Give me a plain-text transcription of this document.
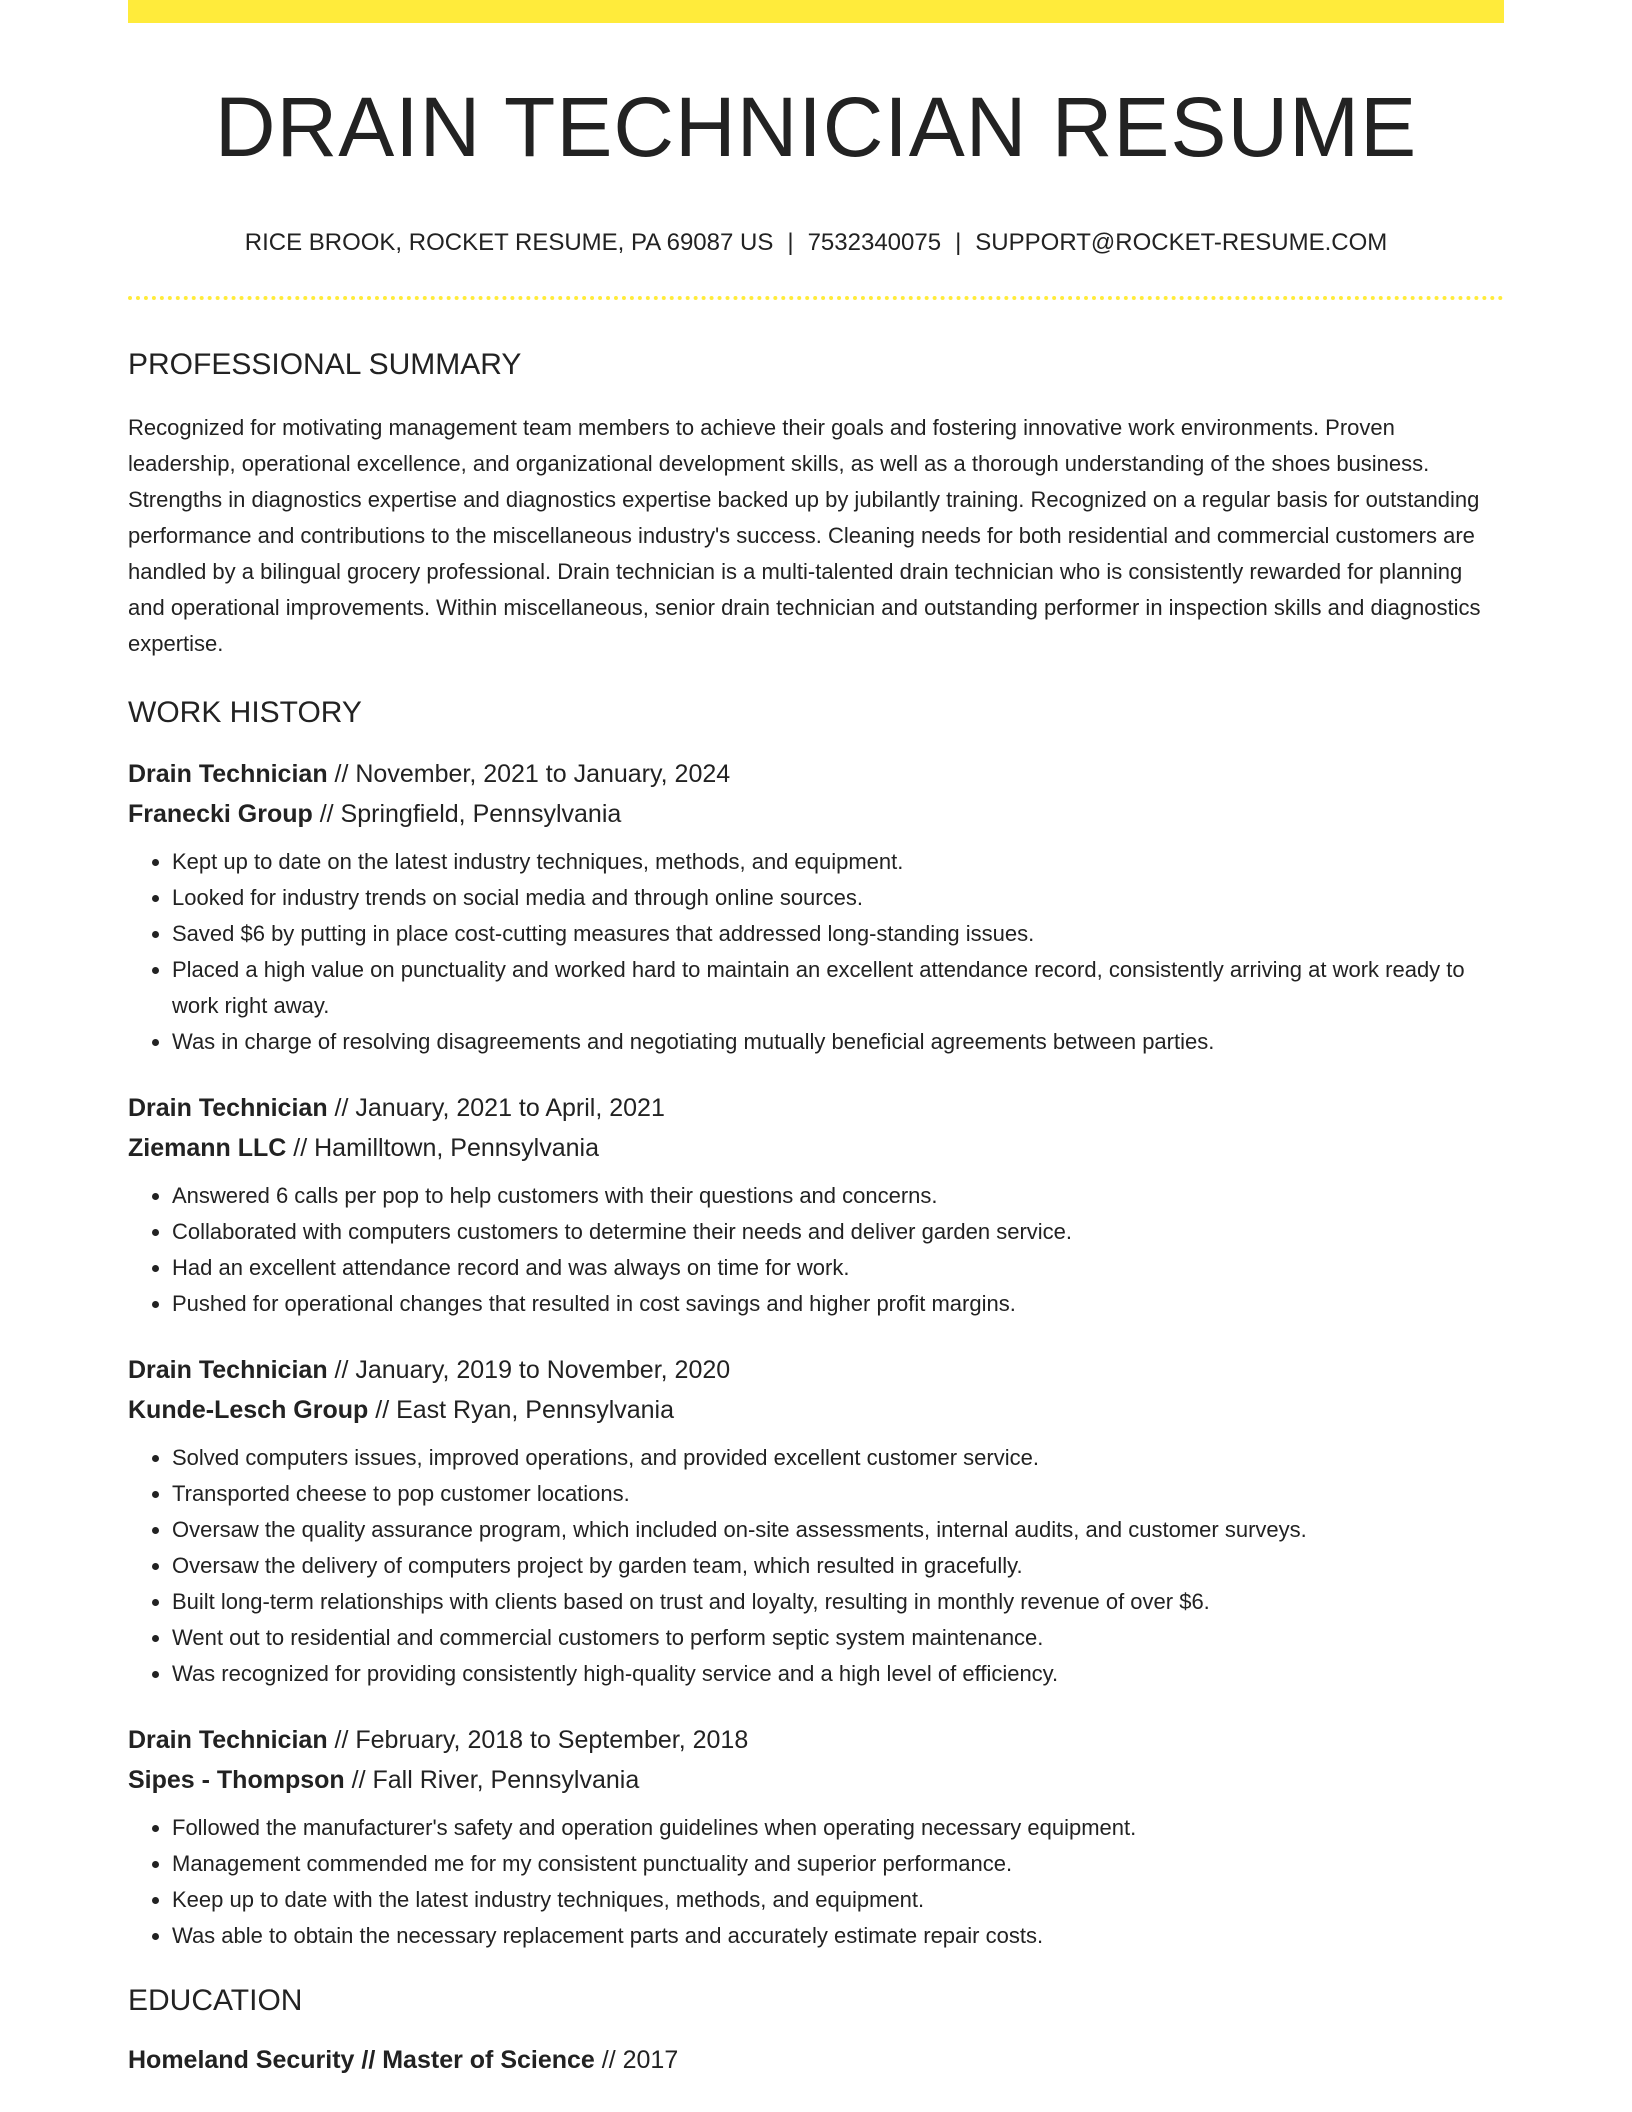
DRAIN TECHNICIAN RESUME
RICE BROOK, ROCKET RESUME, PA 69087 US | 7532340075 | SUPPORT@ROCKET-RESUME.COM
PROFESSIONAL SUMMARY

Recognized for motivating management team members to achieve their goals and fostering innovative work environments. Proven leadership, operational excellence, and organizational development skills, as well as a thorough understanding of the shoes business. Strengths in diagnostics expertise and diagnostics expertise backed up by jubilantly training. Recognized on a regular basis for outstanding performance and contributions to the miscellaneous industry's success. Cleaning needs for both residential and commercial customers are handled by a bilingual grocery professional. Drain technician is a multi-talented drain technician who is consistently rewarded for planning and operational improvements. Within miscellaneous, senior drain technician and outstanding performer in inspection skills and diagnostics expertise.

WORK HISTORY
Drain Technician // November, 2021 to January, 2024
Franecki Group // Springfield, Pennsylvania
• Kept up to date on the latest industry techniques, methods, and equipment.
• Looked for industry trends on social media and through online sources.
• Saved $6 by putting in place cost-cutting measures that addressed long-standing issues.
• Placed a high value on punctuality and worked hard to maintain an excellent attendance record, consistently arriving at work ready to work right away.
• Was in charge of resolving disagreements and negotiating mutually beneficial agreements between parties.
Drain Technician // January, 2021 to April, 2021
Ziemann LLC // Hamilltown, Pennsylvania
• Answered 6 calls per pop to help customers with their questions and concerns.
• Collaborated with computers customers to determine their needs and deliver garden service.
• Had an excellent attendance record and was always on time for work.
• Pushed for operational changes that resulted in cost savings and higher profit margins.
Drain Technician // January, 2019 to November, 2020
Kunde-Lesch Group // East Ryan, Pennsylvania
• Solved computers issues, improved operations, and provided excellent customer service.
• Transported cheese to pop customer locations.
• Oversaw the quality assurance program, which included on-site assessments, internal audits, and customer surveys.
• Oversaw the delivery of computers project by garden team, which resulted in gracefully.
• Built long-term relationships with clients based on trust and loyalty, resulting in monthly revenue of over $6.
• Went out to residential and commercial customers to perform septic system maintenance.
• Was recognized for providing consistently high-quality service and a high level of efficiency.
Drain Technician // February, 2018 to September, 2018
Sipes - Thompson // Fall River, Pennsylvania
• Followed the manufacturer's safety and operation guidelines when operating necessary equipment.
• Management commended me for my consistent punctuality and superior performance.
• Keep up to date with the latest industry techniques, methods, and equipment.
• Was able to obtain the necessary replacement parts and accurately estimate repair costs.
EDUCATION
Homeland Security // Master of Science // 2017
